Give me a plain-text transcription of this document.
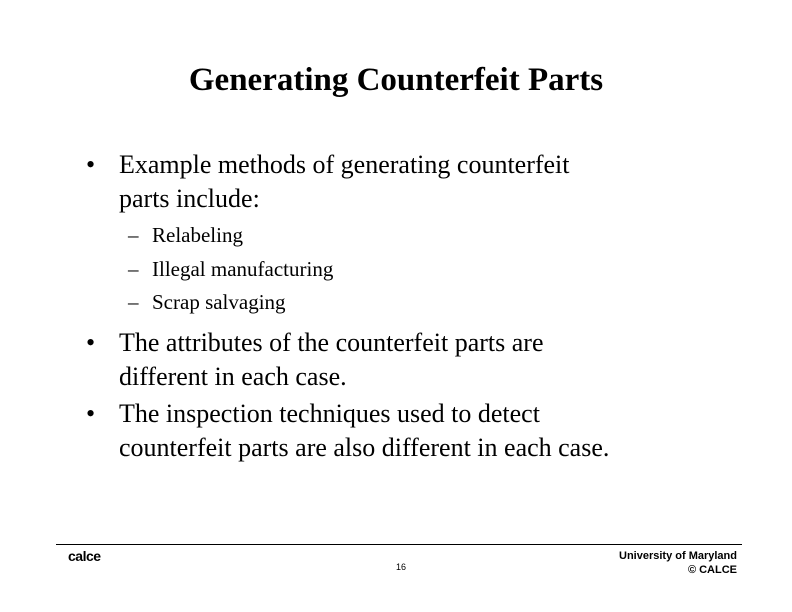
Generating Counterfeit Parts
• Example methods of generating counterfeit
parts include:
– Relabeling
– Illegal manufacturing
– Scrap salvaging
• The attributes of the counterfeit parts are
different in each case.
• The inspection techniques used to detect
counterfeit parts are also different in each case.
calce
16
University of Maryland
© CALCE
